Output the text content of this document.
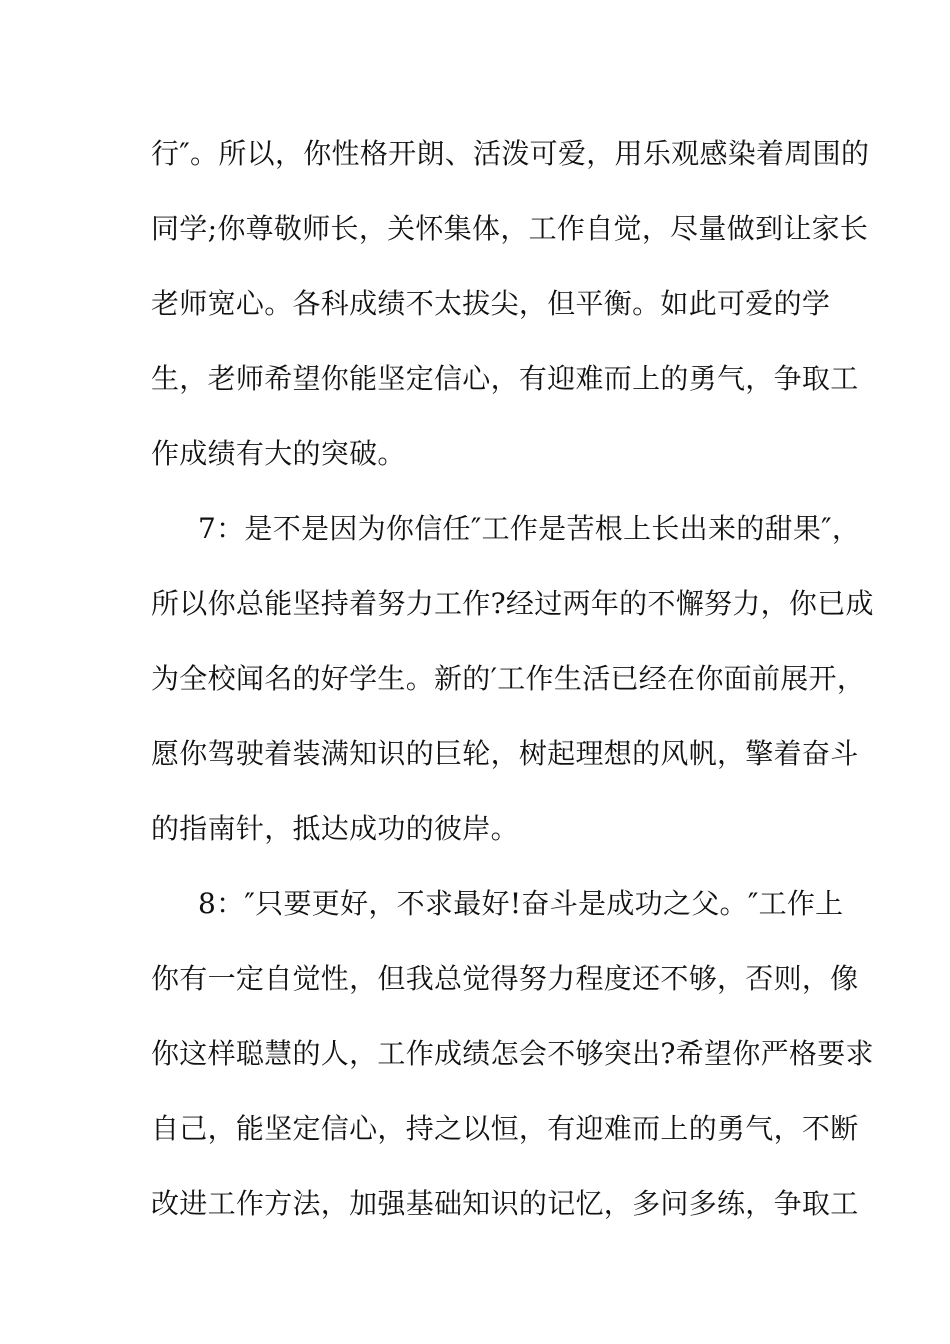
行″。所以，你性格开朗、活泼可爱，用乐观感染着周围的

同学;你尊敬师长，关怀集体，工作自觉，尽量做到让家长

老师宽心。各科成绩不太拔尖，但平衡。如此可爱的学

生，老师希望你能坚定信心，有迎难而上的勇气，争取工

作成绩有大的突破。

7：是不是因为你信任″工作是苦根上长出来的甜果″，

所以你总能坚持着努力工作?经过两年的不懈努力，你已成

为全校闻名的好学生。新的′工作生活已经在你面前展开，

愿你驾驶着装满知识的巨轮，树起理想的风帆，擎着奋斗

的指南针，抵达成功的彼岸。

8：″只要更好，不求最好!奋斗是成功之父。″工作上

你有一定自觉性，但我总觉得努力程度还不够，否则，像

你这样聪慧的人，工作成绩怎会不够突出?希望你严格要求

自己，能坚定信心，持之以恒，有迎难而上的勇气，不断

改进工作方法，加强基础知识的记忆，多问多练，争取工
